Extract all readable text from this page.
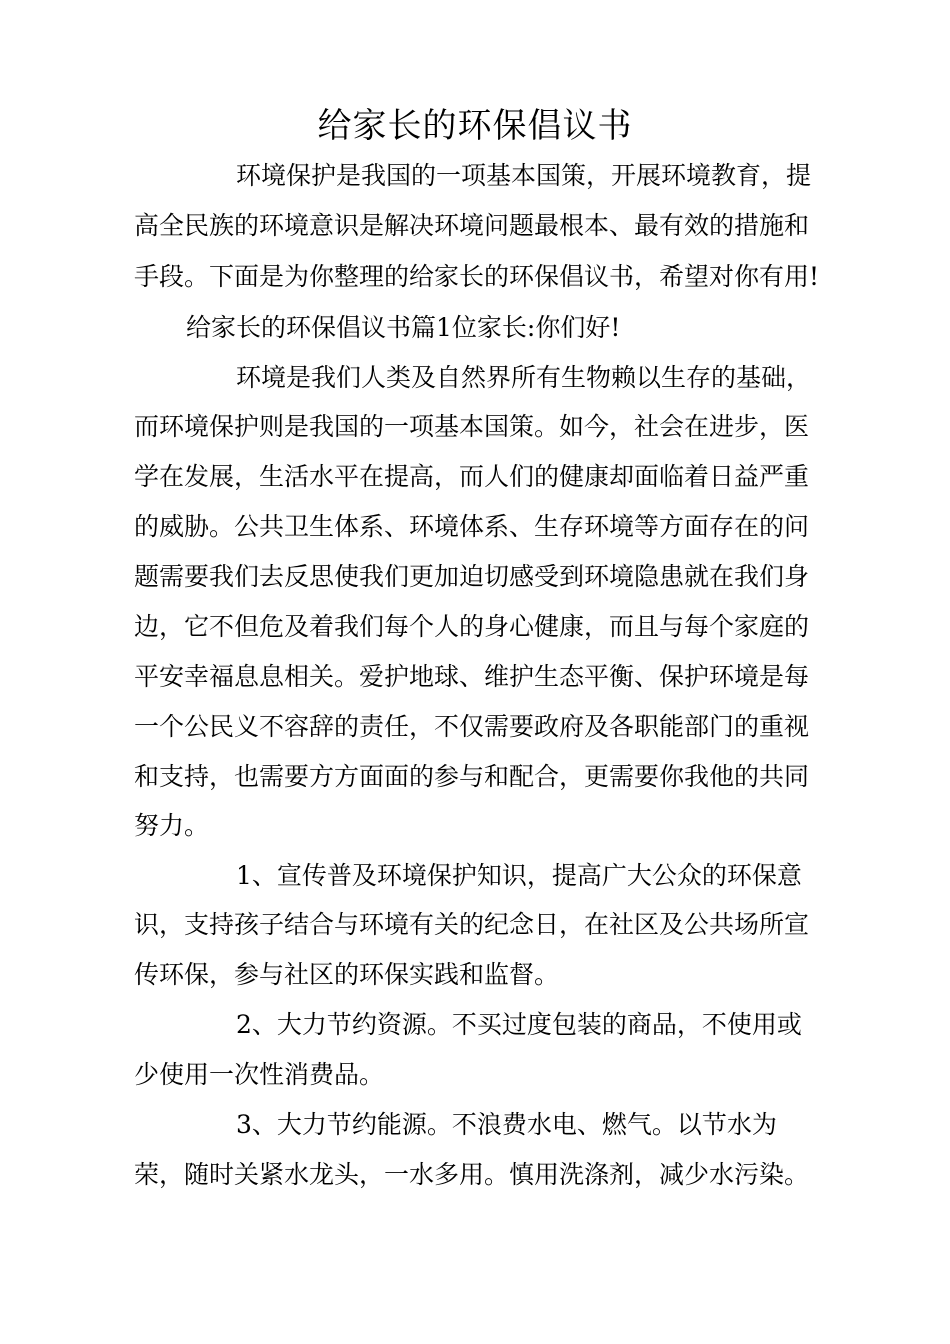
给家长的环保倡议书
环境保护是我国的一项基本国策，开展环境教育，提
高全民族的环境意识是解决环境问题最根本、最有效的措施和
手段。下面是为你整理的给家长的环保倡议书，希望对你有用!
给家长的环保倡议书篇1位家长:你们好!
环境是我们人类及自然界所有生物赖以生存的基础，
而环境保护则是我国的一项基本国策。如今，社会在进步，医
学在发展，生活水平在提高，而人们的健康却面临着日益严重
的威胁。公共卫生体系、环境体系、生存环境等方面存在的问
题需要我们去反思使我们更加迫切感受到环境隐患就在我们身
边，它不但危及着我们每个人的身心健康，而且与每个家庭的
平安幸福息息相关。爱护地球、维护生态平衡、保护环境是每
一个公民义不容辞的责任，不仅需要政府及各职能部门的重视
和支持，也需要方方面面的参与和配合，更需要你我他的共同
努力。
1、宣传普及环境保护知识，提高广大公众的环保意
识，支持孩子结合与环境有关的纪念日，在社区及公共场所宣
传环保，参与社区的环保实践和监督。
2、大力节约资源。不买过度包装的商品，不使用或
少使用一次性消费品。
3、大力节约能源。不浪费水电、燃气。以节水为
荣，随时关紧水龙头，一水多用。慎用洗涤剂，减少水污染。
